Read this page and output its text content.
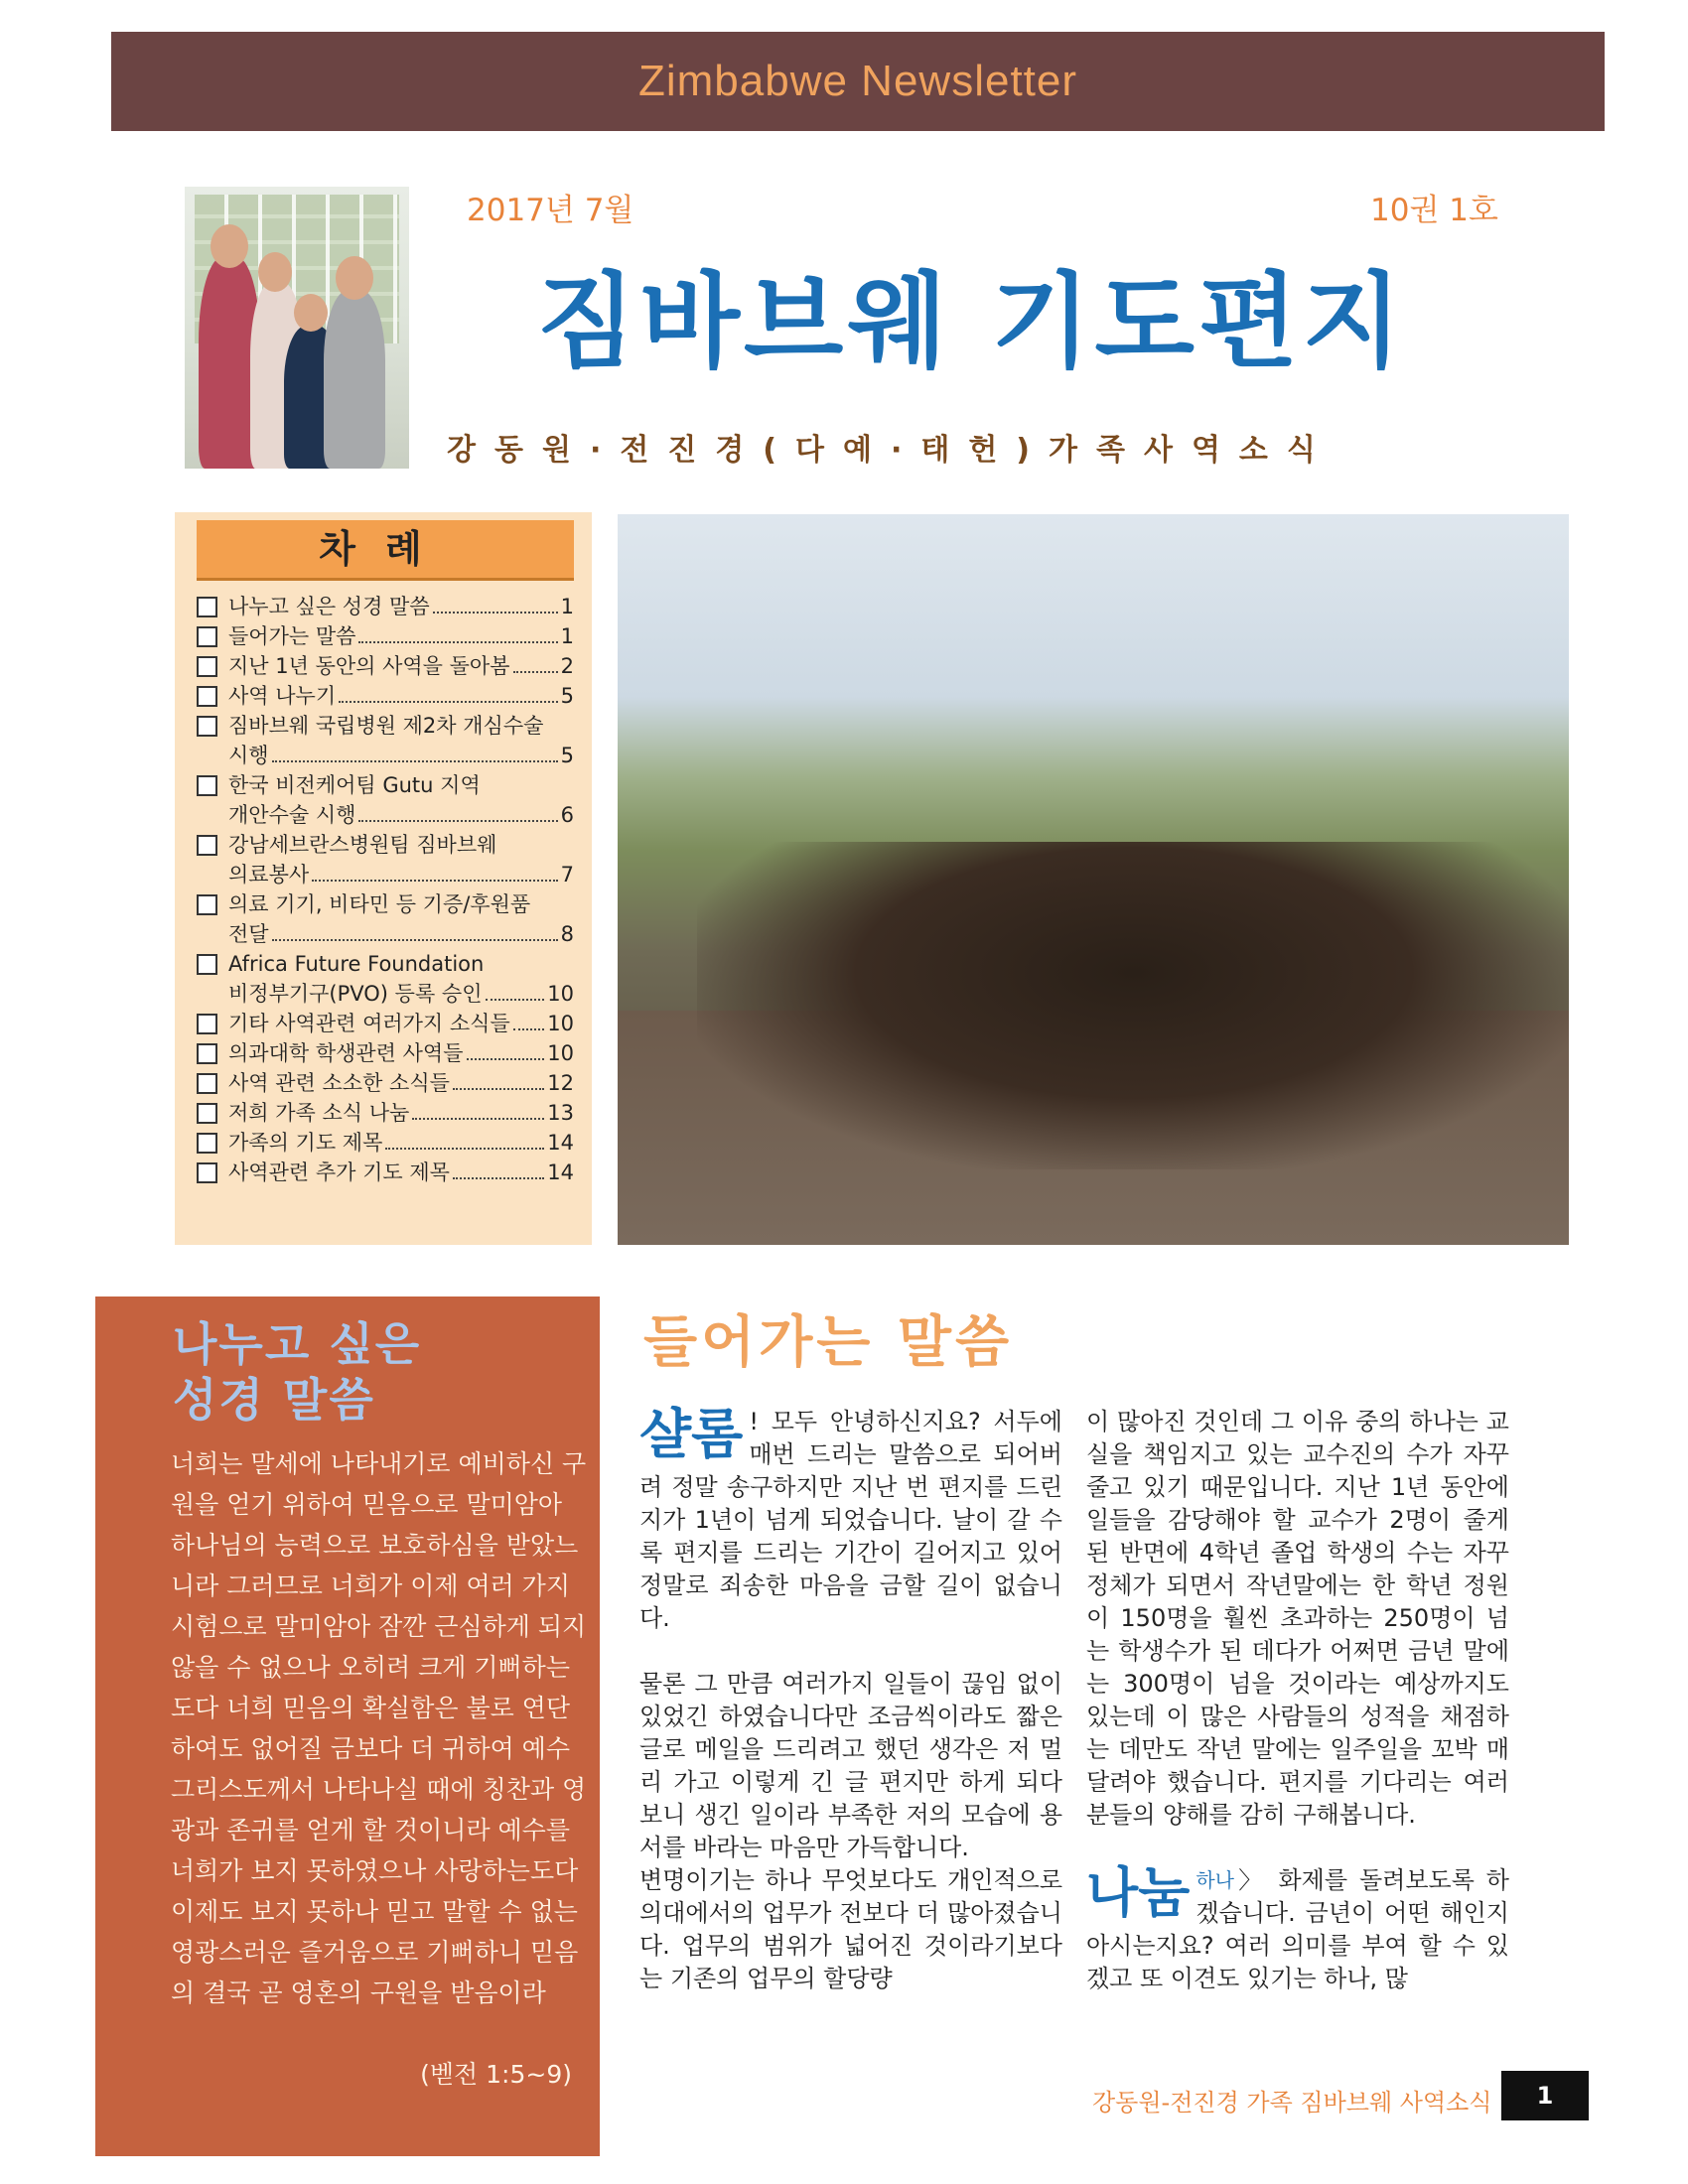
Zimbabwe Newsletter
2017년 7월	10권 1호
짐바브웨 기도편지
강동원·전진경(다예·태헌)가족사역소식
차례
나누고 싶은 성경 말씀	1
들어가는 말씀	1
지난 1년 동안의 사역을 돌아봄 2
사역 나누기	5
짐바브웨 국립병원 제2차 개심수술
시행	5
한국 비전케어팀 Gutu 지역
개안수술 시행	6
강남세브란스병원팀 짐바브웨
의료봉사	7
의료 기기, 비타민 등 기증/후원품
전달	8
Africa Future Foundation
비정부기구(PVO) 등록 승인	10
기타 사역관련 여러가지 소식들 10
의과대학 학생관련 사역들	10
사역 관련 소소한 소식들	12
저희 가족 소식 나눔	13
가족의 기도 제목	14
사역관련 추가 기도 제목	14
나누고 싶은
성경 말씀
너희는 말세에 나타내기로 예비하신 구원을 얻기 위하여 믿음으로 말미암아 하나님의 능력으로 보호하심을 받았느니라 그러므로 너희가 이제 여러 가지 시험으로 말미암아 잠깐 근심하게 되지 않을 수 없으나 오히려 크게 기뻐하는도다 너희 믿음의 확실함은 불로 연단하여도 없어질 금보다 더 귀하여 예수 그리스도께서 나타나실 때에 칭찬과 영광과 존귀를 얻게 할 것이니라 예수를 너희가 보지 못하였으나 사랑하는도다 이제도 보지 못하나 믿고 말할 수 없는 영광스러운 즐거움으로 기뻐하니 믿음의 결국 곧 영혼의 구원을 받음이라
(벧전 1:5~9)
들어가는 말씀

샬롬 ! 모두 안녕하신지요? 서두에 매번 드리는 말씀으로 되어버려 정말 송구하지만 지난 번 편지를 드린 지가 1년이 넘게 되었습니다. 날이 갈 수록 편지를 드리는 기간이 길어지고 있어 정말로 죄송한 마음을 금할 길이 없습니다.

물론 그 만큼 여러가지 일들이 끊임 없이 있었긴 하였습니다만 조금씩이라도 짧은 글로 메일을 드리려고 했던 생각은 저 멀리 가고 이렇게 긴 글 편지만 하게 되다 보니 생긴 일이라 부족한 저의 모습에 용서를 바라는 마음만 가득합니다.

변명이기는 하나 무엇보다도 개인적으로 의대에서의 업무가 전보다 더 많아졌습니다. 업무의 범위가 넓어진 것이라기보다는 기존의 업무의 할당량

이 많아진 것인데 그 이유 중의 하나는 교실을 책임지고 있는 교수진의 수가 자꾸 줄고 있기 때문입니다. 지난 1년 동안에 일들을 감당해야 할 교수가 2명이 줄게 된 반면에 4학년 졸업 학생의 수는 자꾸 정체가 되면서 작년말에는 한 학년 정원이 150명을 훨씬 초과하는 250명이 넘는 학생수가 된 데다가 어쩌면 금년 말에는 300명이 넘을 것이라는 예상까지도 있는데 이 많은 사람들의 성적을 채점하는 데만도 작년 말에는 일주일을 꼬박 매달려야 했습니다. 편지를 기다리는 여러분들의 양해를 감히 구해봅니다.

나눔 $^{하나}$〉 화제를 돌려보도록 하겠습니다. 금년이 어떤 해인지 아시는지요? 여러 의미를 부여 할 수 있겠고 또 이견도 있기는 하나, 많

강동원-전진경 가족 짐바브웨 사역소식	1
